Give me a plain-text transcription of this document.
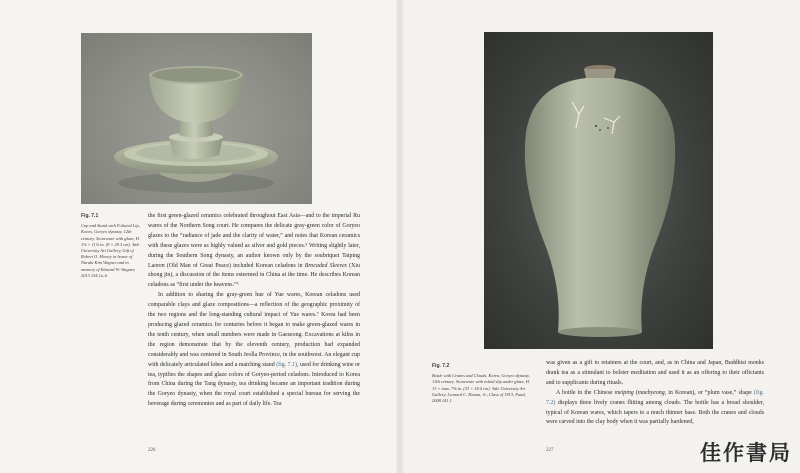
Fig. 7.1
Cup and Stand with Foliated Lip, Korea, Goryeo dynasty, 12th century. Stoneware with glaze, H. 3⅛ × 11⅛ in. (9 × 29.3 cm). Yale University Art Gallery, Gift of Robert O. Mowry in honor of Narahi Kim Wagner and in memory of Edward W. Wagner, 2013.154.1a–b

the first green-glazed ceramics celebrated throughout East Asia—and to the imperial Ru wares of the Northern Song court. He compares the delicate gray-green color of Goryeo glazes to the “radiance of jade and the clarity of water,” and notes that Korean ceramics with these glazes were as highly valued as silver and gold pieces.⁵ Writing slightly later, during the Southern Song dynasty, an author known only by the soubriquet Taiping Laoren (Old Man of Great Peace) included Korean celadons in Brocaded Sleeves (Xiu zhong jin), a discussion of the items esteemed in China at the time. He describes Korean celadons as “first under the heavens.”⁶

In addition to sharing the gray-green hue of Yue wares, Korean celadons used comparable clays and glaze compositions—a reflection of the geographic proximity of the two regions and the long-standing cultural impact of Yue wares.⁷ Korea had been producing glazed ceramics for centuries before it began to make green-glazed wares in the tenth century, when small numbers were made in Gaeseong. Excavations at kilns in the region demonstrate that by the eleventh century, production had expanded considerably and was centered in South Jeolla Province, in the southwest. An elegant cup with delicately articulated lobes and a matching stand (fig. 7.1), used for drinking wine or tea, typifies the shapes and glaze colors of Goryeo-period celadons. Introduced to Korea from China during the Tang dynasty, tea drinking became an important tradition during the Goryeo dynasty, when the royal court established a special bureau for serving the beverage during ceremonies and as part of daily life. Tea

226
Fig. 7.2
Bottle with Cranes and Clouds, Korea, Goryeo dynasty, 13th century. Stoneware with inlaid slip under glaze, H. 13 × max. 7⅝ in. (33 × 18.4 cm). Yale University Art Gallery, Leonard C. Hanna, Jr., Class of 1913, Fund, 2008.141.1

was given as a gift to retainers at the court, and, as in China and Japan, Buddhist monks drank tea as a stimulant to bolster meditation and used it as an offering to their officiants and to supplicants during rituals.

A bottle in the Chinese meiping (maebyeong, in Korean), or “plum vase,” shape (fig. 7.2) displays three lively cranes flitting among clouds. The bottle has a broad shoulder, typical of Korean wares, which tapers to a much thinner base. Both the cranes and clouds were carved into the clay body when it was partially hardened,

227	佳作書局
